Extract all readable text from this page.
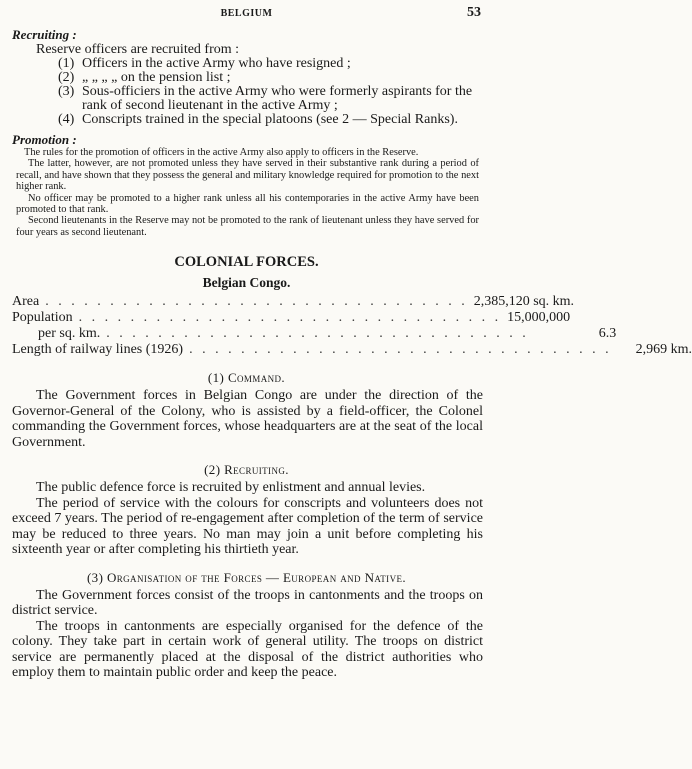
BELGIUM	53
Recruiting :

Reserve officers are recruited from :

(1) Officers in the active Army who have resigned ;
(2) „ „ „ „ on the pension list ;
(3) Sous-officiers in the active Army who were formerly aspirants for the rank of second lieutenant in the active Army ;
(4) Conscripts trained in the special platoons (see 2 — Special Ranks).
Promotion :

The rules for the promotion of officers in the active Army also apply to officers in the Reserve.

The latter, however, are not promoted unless they have served in their substantive rank during a period of recall, and have shown that they possess the general and military knowledge required for promotion to the next higher rank.

No officer may be promoted to a higher rank unless all his contemporaries in the active Army have been promoted to that rank.

Second lieutenants in the Reserve may not be promoted to the rank of lieutenant unless they have served for four years as second lieutenant.

COLONIAL FORCES.
Belgian Congo.
Area . . . . . . . . . . . . . . . . . . . . . . . . . . . . . . . . . 2,385,120 sq. km.
Population . . . . . . . . . . . . . . . . . . . . . . . . . . . . . . . . . 15,000,000
per sq. km. . . . . . . . . . . . . . . . . . . . . . . . . . . . . . . . . .	6.3
Length of railway lines (1926) . . . . . . . . . . . . . . . . . . . . . . . . . . . . . . . . .	2,969 km.
(1) Command.

The Government forces in Belgian Congo are under the direction of the Governor-General of the Colony, who is assisted by a field-officer, the Colonel commanding the Government forces, whose headquarters are at the seat of the local Government.

(2) Recruiting.

The public defence force is recruited by enlistment and annual levies.

The period of service with the colours for conscripts and volunteers does not exceed 7 years. The period of re-engagement after completion of the term of service may be reduced to three years. No man may join a unit before completing his sixteenth year or after completing his thirtieth year.

(3) Organisation of the Forces — European and Native.

The Government forces consist of the troops in cantonments and the troops on district service.

The troops in cantonments are especially organised for the defence of the colony. They take part in certain work of general utility. The troops on district service are permanently placed at the disposal of the district authorities who employ them to maintain public order and keep the peace.
